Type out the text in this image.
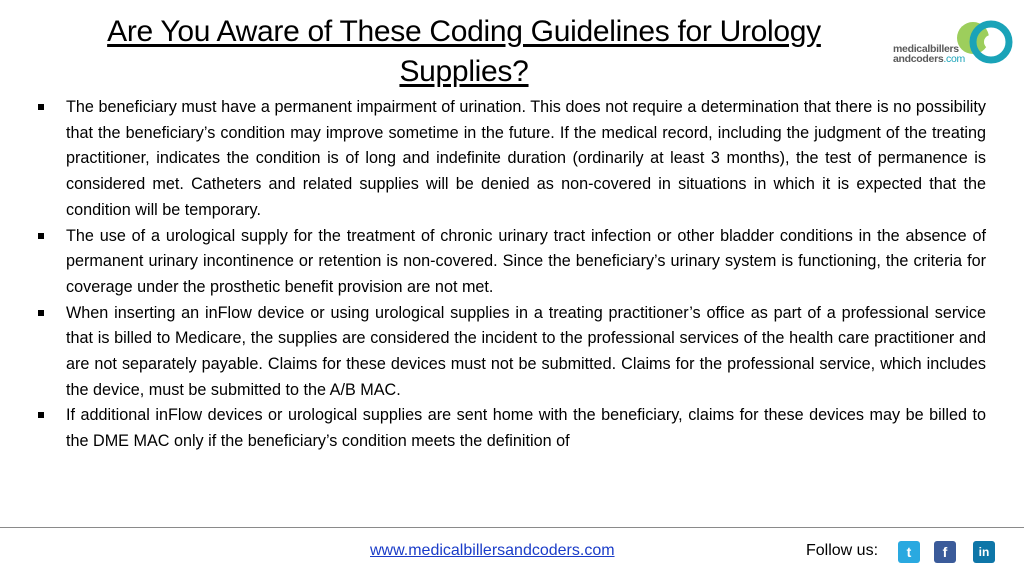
Are You Aware of These Coding Guidelines for Urology Supplies?
medicalbillers
andcoders.com
The beneficiary must have a permanent impairment of urination. This does not require a determination that there is no possibility that the beneficiary’s condition may improve sometime in the future. If the medical record, including the judgment of the treating practitioner, indicates the condition is of long and indefinite duration (ordinarily at least 3 months), the test of permanence is considered met. Catheters and related supplies will be denied as non-covered in situations in which it is expected that the condition will be temporary.
The use of a urological supply for the treatment of chronic urinary tract infection or other bladder conditions in the absence of permanent urinary incontinence or retention is non-covered. Since the beneficiary’s urinary system is functioning, the criteria for coverage under the prosthetic benefit provision are not met.
When inserting an inFlow device or using urological supplies in a treating practitioner’s office as part of a professional service that is billed to Medicare, the supplies are considered the incident to the professional services of the health care practitioner and are not separately payable. Claims for these devices must not be submitted. Claims for the professional service, which includes the device, must be submitted to the A/B MAC.
If additional inFlow devices or urological supplies are sent home with the beneficiary, claims for these devices may be billed to the DME MAC only if the beneficiary’s condition meets the definition of
www.medicalbillersandcoders.com	Follow us:	t	f	in
